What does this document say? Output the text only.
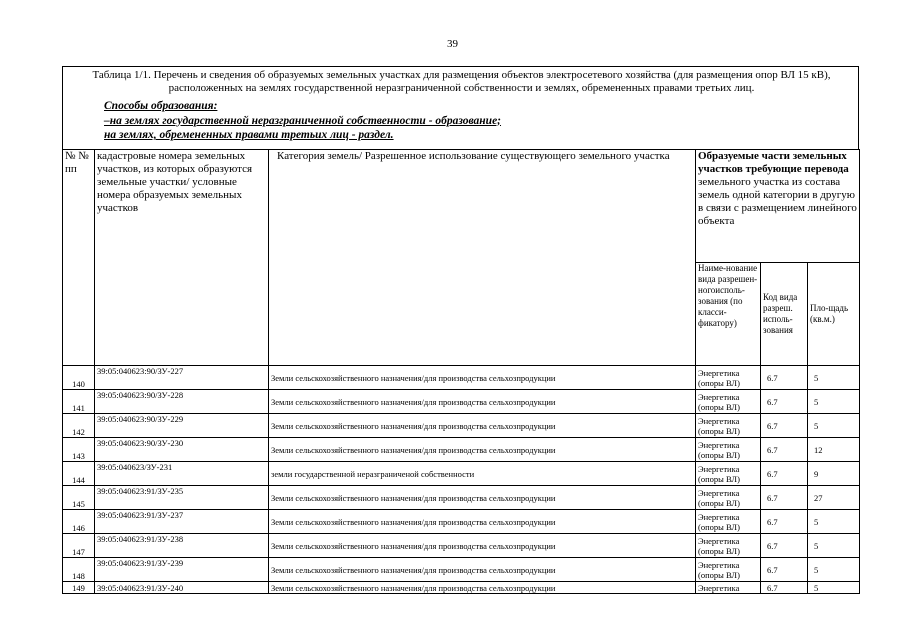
39
Таблица 1/1. Перечень и сведения об образуемых земельных участках для размещения объектов электросетевого хозяйства (для размещения опор ВЛ 15 кВ), расположенных на землях государственной неразграниченной собственности и землях, обремененных правами третьих лиц.
Способы образования:
–на землях государственной неразграниченной собственности - образование;
на землях, обремененных правами третьих лиц - раздел.
№ № пп	кадастровые номера земельных участков, из которых образуются земельные участки/ условные номера образуемых земельных участков	Категория земель/ Разрешенное использование существующего земельного участка	Образуемые части земельных участков требующие перевода земельного участка из состава земель одной категории в другую в связи с размещением линейного объекта		
			Наиме-нование вида разрешен-ногоисполь-зования (по класси-фикатору)	Код вида разреш. исполь-зования	Пло-щадь (кв.м.)
140	39:05:040623:90/ЗУ-227	Земли сельскохозяйственного назначения/для производства сельхозпродукции	Энергетика (опоры ВЛ)	6.7	5
141	39:05:040623:90/ЗУ-228	Земли сельскохозяйственного назначения/для производства сельхозпродукции	Энергетика (опоры ВЛ)	6.7	5
142	39:05:040623:90/ЗУ-229	Земли сельскохозяйственного назначения/для производства сельхозпродукции	Энергетика (опоры ВЛ)	6.7	5
143	39:05:040623:90/ЗУ-230	Земли сельскохозяйственного назначения/для производства сельхозпродукции	Энергетика (опоры ВЛ)	6.7	12
144	39:05:040623/ЗУ-231	земли государственной неразграниченой собственности	Энергетика (опоры ВЛ)	6.7	9
145	39:05:040623:91/ЗУ-235	Земли сельскохозяйственного назначения/для производства сельхозпродукции	Энергетика (опоры ВЛ)	6.7	27
146	39:05:040623:91/ЗУ-237	Земли сельскохозяйственного назначения/для производства сельхозпродукции	Энергетика (опоры ВЛ)	6.7	5
147	39:05:040623:91/ЗУ-238	Земли сельскохозяйственного назначения/для производства сельхозпродукции	Энергетика (опоры ВЛ)	6.7	5
148	39:05:040623:91/ЗУ-239	Земли сельскохозяйственного назначения/для производства сельхозпродукции	Энергетика (опоры ВЛ)	6.7	5
149	39:05:040623:91/ЗУ-240	Земли сельскохозяйственного назначения/для производства сельхозпродукции	Энергетика	6.7	5
